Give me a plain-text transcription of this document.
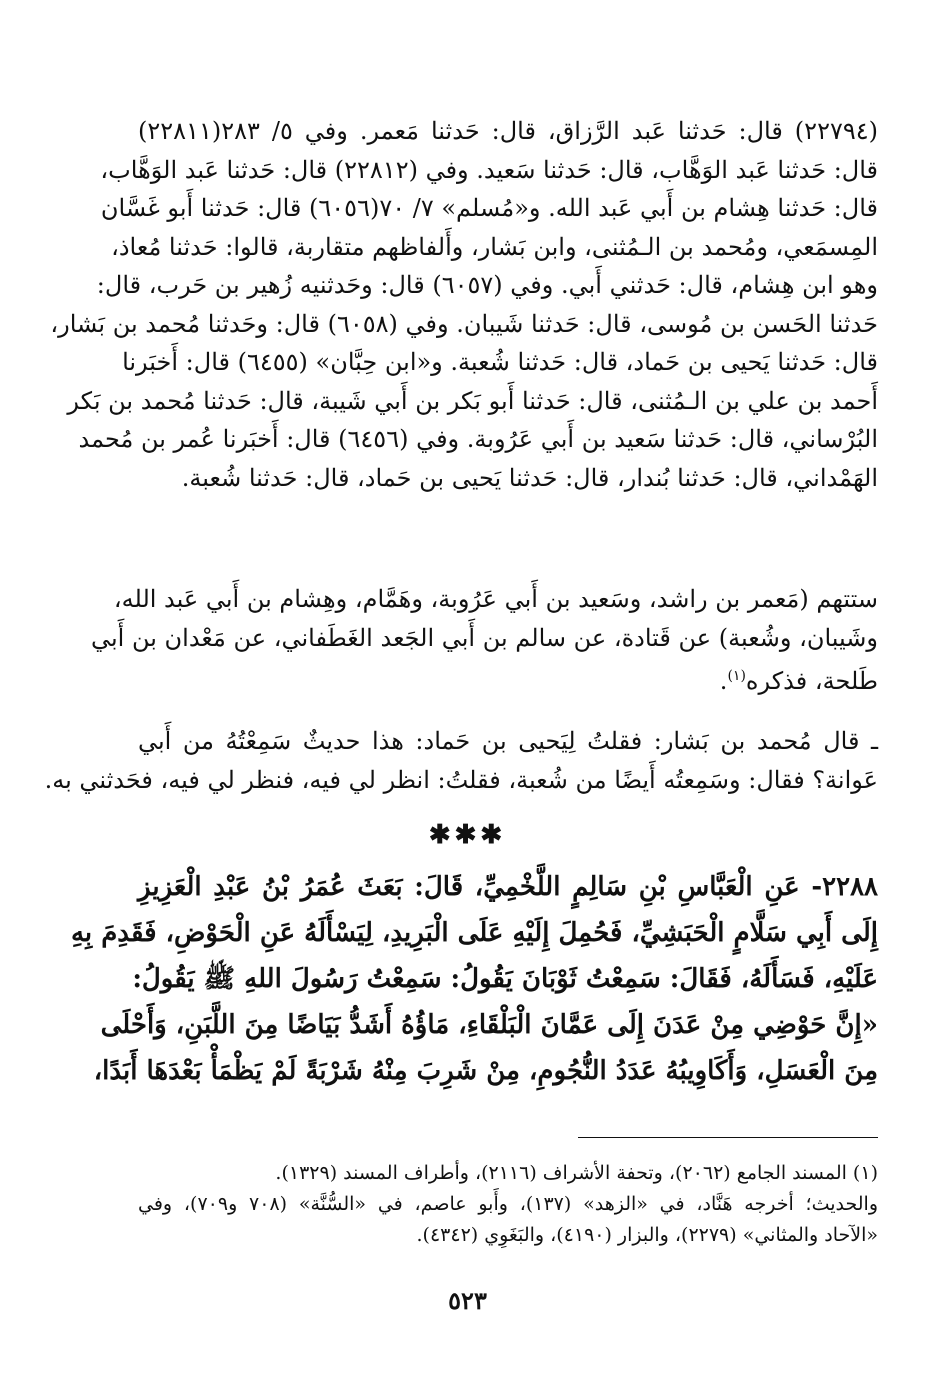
(٢٢٧٩٤) قال: حَدثنا عَبد الرَّزاق، قال: حَدثنا مَعمر. وفي ٥/ ٢٨٣(٢٢٨١١)
قال: حَدثنا عَبد الوَهَّاب، قال: حَدثنا سَعيد. وفي (٢٢٨١٢) قال: حَدثنا عَبد الوَهَّاب،
قال: حَدثنا هِشام بن أَبي عَبد الله. و«مُسلم» ٧/ ٧٠(٦٠٥٦) قال: حَدثنا أَبو غَسَّان
المِسمَعي، ومُحمد بن الـمُثنى، وابن بَشار، وأَلفاظهم متقاربة، قالوا: حَدثنا مُعاذ،
وهو ابن هِشام، قال: حَدثني أَبي. وفي (٦٠٥٧) قال: وحَدثنيه زُهير بن حَرب، قال:
حَدثنا الحَسن بن مُوسى، قال: حَدثنا شَيبان. وفي (٦٠٥٨) قال: وحَدثنا مُحمد بن بَشار،
قال: حَدثنا يَحيى بن حَماد، قال: حَدثنا شُعبة. و«ابن حِبَّان» (٦٤٥٥) قال: أَخبَرنا
أَحمد بن علي بن الـمُثنى، قال: حَدثنا أَبو بَكر بن أَبي شَيبة، قال: حَدثنا مُحمد بن بَكر
البُرْساني، قال: حَدثنا سَعيد بن أَبي عَرُوبة. وفي (٦٤٥٦) قال: أَخبَرنا عُمر بن مُحمد
الهَمْداني، قال: حَدثنا بُندار، قال: حَدثنا يَحيى بن حَماد، قال: حَدثنا شُعبة.
ستتهم (مَعمر بن راشد، وسَعيد بن أَبي عَرُوبة، وهَمَّام، وهِشام بن أَبي عَبد الله،
وشَيبان، وشُعبة) عن قَتادة، عن سالم بن أَبي الجَعد الغَطَفاني، عن مَعْدان بن أَبي
طَلحة، فذكره$^{(١)}$.
ـ قال مُحمد بن بَشار: فقلتُ لِيَحيى بن حَماد: هذا حديثٌ سَمِعْتُهُ من أَبي
عَوانة؟ فقال: وسَمِعتُه أَيضًا من شُعبة، فقلتُ: انظر لي فيه، فنظر لي فيه، فحَدثني به.
✱✱✱
٢٢٨٨- عَنِ الْعَبَّاسِ بْنِ سَالِمٍ اللَّخْمِيِّ، قَالَ: بَعَثَ عُمَرُ بْنُ عَبْدِ الْعَزِيزِ
إِلَى أَبِي سَلَّامٍ الْحَبَشِيِّ، فَحُمِلَ إِلَيْهِ عَلَى الْبَرِيدِ، لِيَسْأَلَهُ عَنِ الْحَوْضِ، فَقَدِمَ بِهِ
عَلَيْهِ، فَسَأَلَهُ، فَقَالَ: سَمِعْتُ ثَوْبَانَ يَقُولُ: سَمِعْتُ رَسُولَ اللهِ ﷺ يَقُولُ:
«إِنَّ حَوْضِي مِنْ عَدَنَ إِلَى عَمَّانَ الْبَلْقَاءِ، مَاؤُهُ أَشَدُّ بَيَاضًا مِنَ اللَّبَنِ، وَأَحْلَى
مِنَ الْعَسَلِ، وَأَكَاوِيبُهُ عَدَدُ النُّجُومِ، مِنْ شَرِبَ مِنْهُ شَرْبَةً لَمْ يَظْمَأْ بَعْدَهَا أَبَدًا،
(١) المسند الجامع (٢٠٦٢)، وتحفة الأشراف (٢١١٦)، وأطراف المسند (١٣٢٩).
والحديث؛ أخرجه هَنَّاد، في «الزهد» (١٣٧)، وأَبو عاصم، في «السُّنَّة» (٧٠٨ و٧٠٩)، وفي
«الآحاد والمثاني» (٢٢٧٩)، والبزار (٤١٩٠)، والبَغَوِي (٤٣٤٢).
٥٢٣
